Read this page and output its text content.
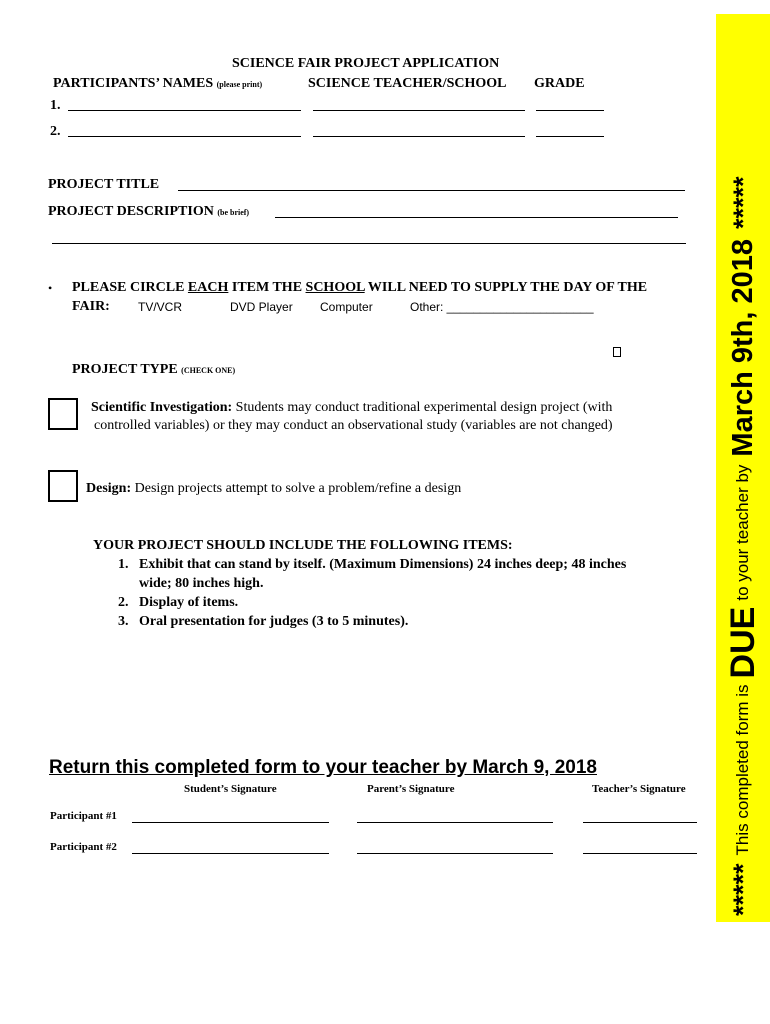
SCIENCE FAIR PROJECT APPLICATION
PARTICIPANTS’ NAMES (please print)	SCIENCE TEACHER/SCHOOL GRADE
1.
2.
PROJECT TITLE
PROJECT DESCRIPTION (be brief)
• PLEASE CIRCLE EACH ITEM THE SCHOOL WILL NEED TO SUPPLY THE DAY OF THE
FAIR: TV/VCR	DVD Player Computer	Other: ______________________
PROJECT TYPE (CHECK ONE)
Scientific Investigation: Students may conduct traditional experimental design project (with
controlled variables) or they may conduct an observational study (variables are not changed)
Design: Design projects attempt to solve a problem/refine a design
YOUR PROJECT SHOULD INCLUDE THE FOLLOWING ITEMS:
1. Exhibit that can stand by itself. (Maximum Dimensions) 24 inches deep; 48 inches
wide; 80 inches high.
2. Display of items.
3. Oral presentation for judges (3 to 5 minutes).
Return this completed form to your teacher by March 9, 2018
Student’s Signature	Parent’s Signature	Teacher’s Signature
Participant #1
Participant #2
*****
This completed form is
DUE
to your teacher by
March 9th, 2018
*****
